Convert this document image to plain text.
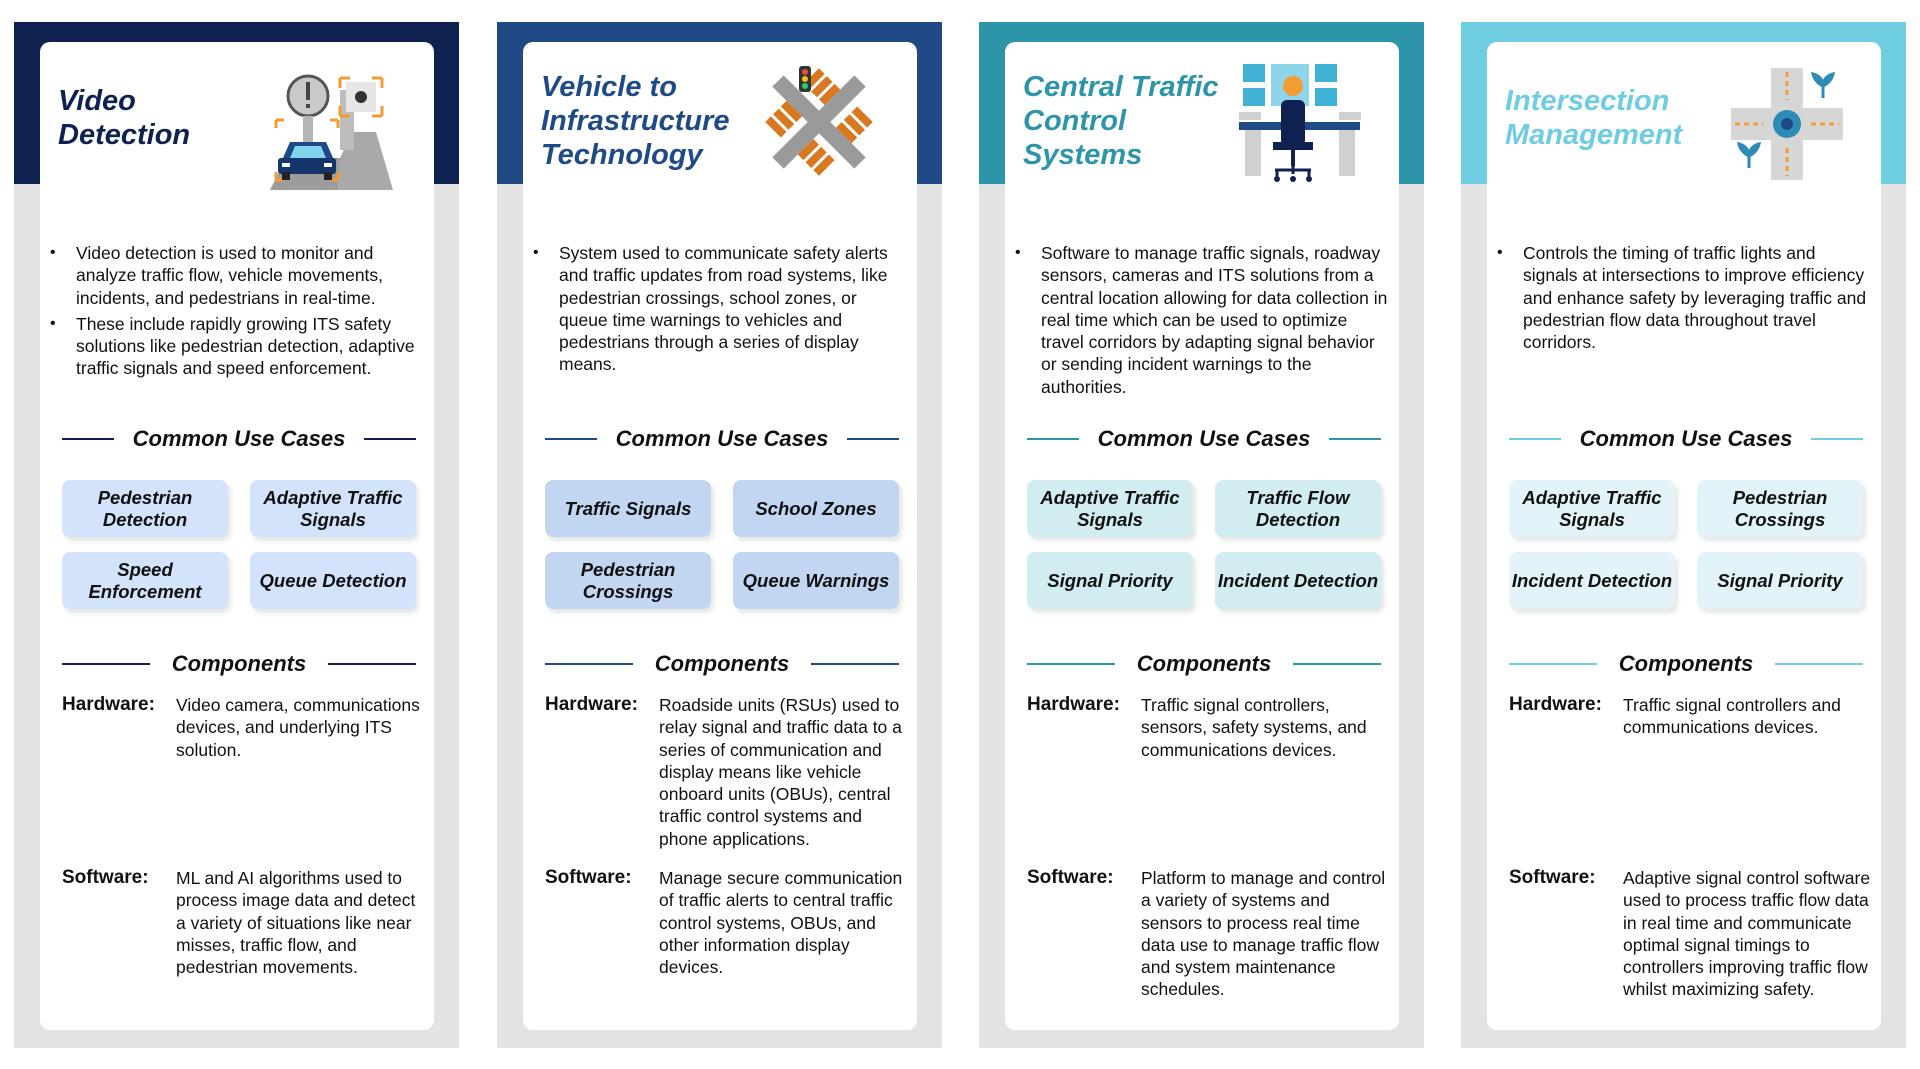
Video Detection
• Video detection is used to monitor and analyze traffic flow, vehicle movements, incidents, and pedestrians in real-time.
• These include rapidly growing ITS safety solutions like pedestrian detection, adaptive traffic signals and speed enforcement.
Common Use Cases
Pedestrian Detection
Adaptive Traffic Signals
Speed Enforcement
Queue Detection
Components
Hardware: Video camera, communications devices, and underlying ITS solution.
Software: ML and AI algorithms used to process image data and detect a variety of situations like near misses, traffic flow, and pedestrian movements.
Vehicle to Infrastructure Technology
• System used to communicate safety alerts and traffic updates from road systems, like pedestrian crossings, school zones, or queue time warnings to vehicles and pedestrians through a series of display means.
Common Use Cases
Traffic Signals	School Zones
Pedestrian Crossings
Queue Warnings
Components
Hardware: Roadside units (RSUs) used to relay signal and traffic data to a series of communication and display means like vehicle onboard units (OBUs), central traffic control systems and phone applications.
Software: Manage secure communication of traffic alerts to central traffic control systems, OBUs, and other information display devices.
Central Traffic Control Systems
• Software to manage traffic signals, roadway sensors, cameras and ITS solutions from a central location allowing for data collection in real time which can be used to optimize travel corridors by adapting signal behavior or sending incident warnings to the authorities.
Common Use Cases
Adaptive Traffic Signals
Traffic Flow Detection
Signal Priority	Incident Detection
Components
Hardware: Traffic signal controllers, sensors, safety systems, and communications devices.
Software: Platform to manage and control a variety of systems and sensors to process real time data use to manage traffic flow and system maintenance schedules.
Intersection Management
• Controls the timing of traffic lights and signals at intersections to improve efficiency and enhance safety by leveraging traffic and pedestrian flow data throughout travel corridors.
Common Use Cases
Adaptive Traffic Signals
Pedestrian Crossings
Incident Detection	Signal Priority
Components
Hardware: Traffic signal controllers and communications devices.
Software: Adaptive signal control software used to process traffic flow data in real time and communicate optimal signal timings to controllers improving traffic flow whilst maximizing safety.
